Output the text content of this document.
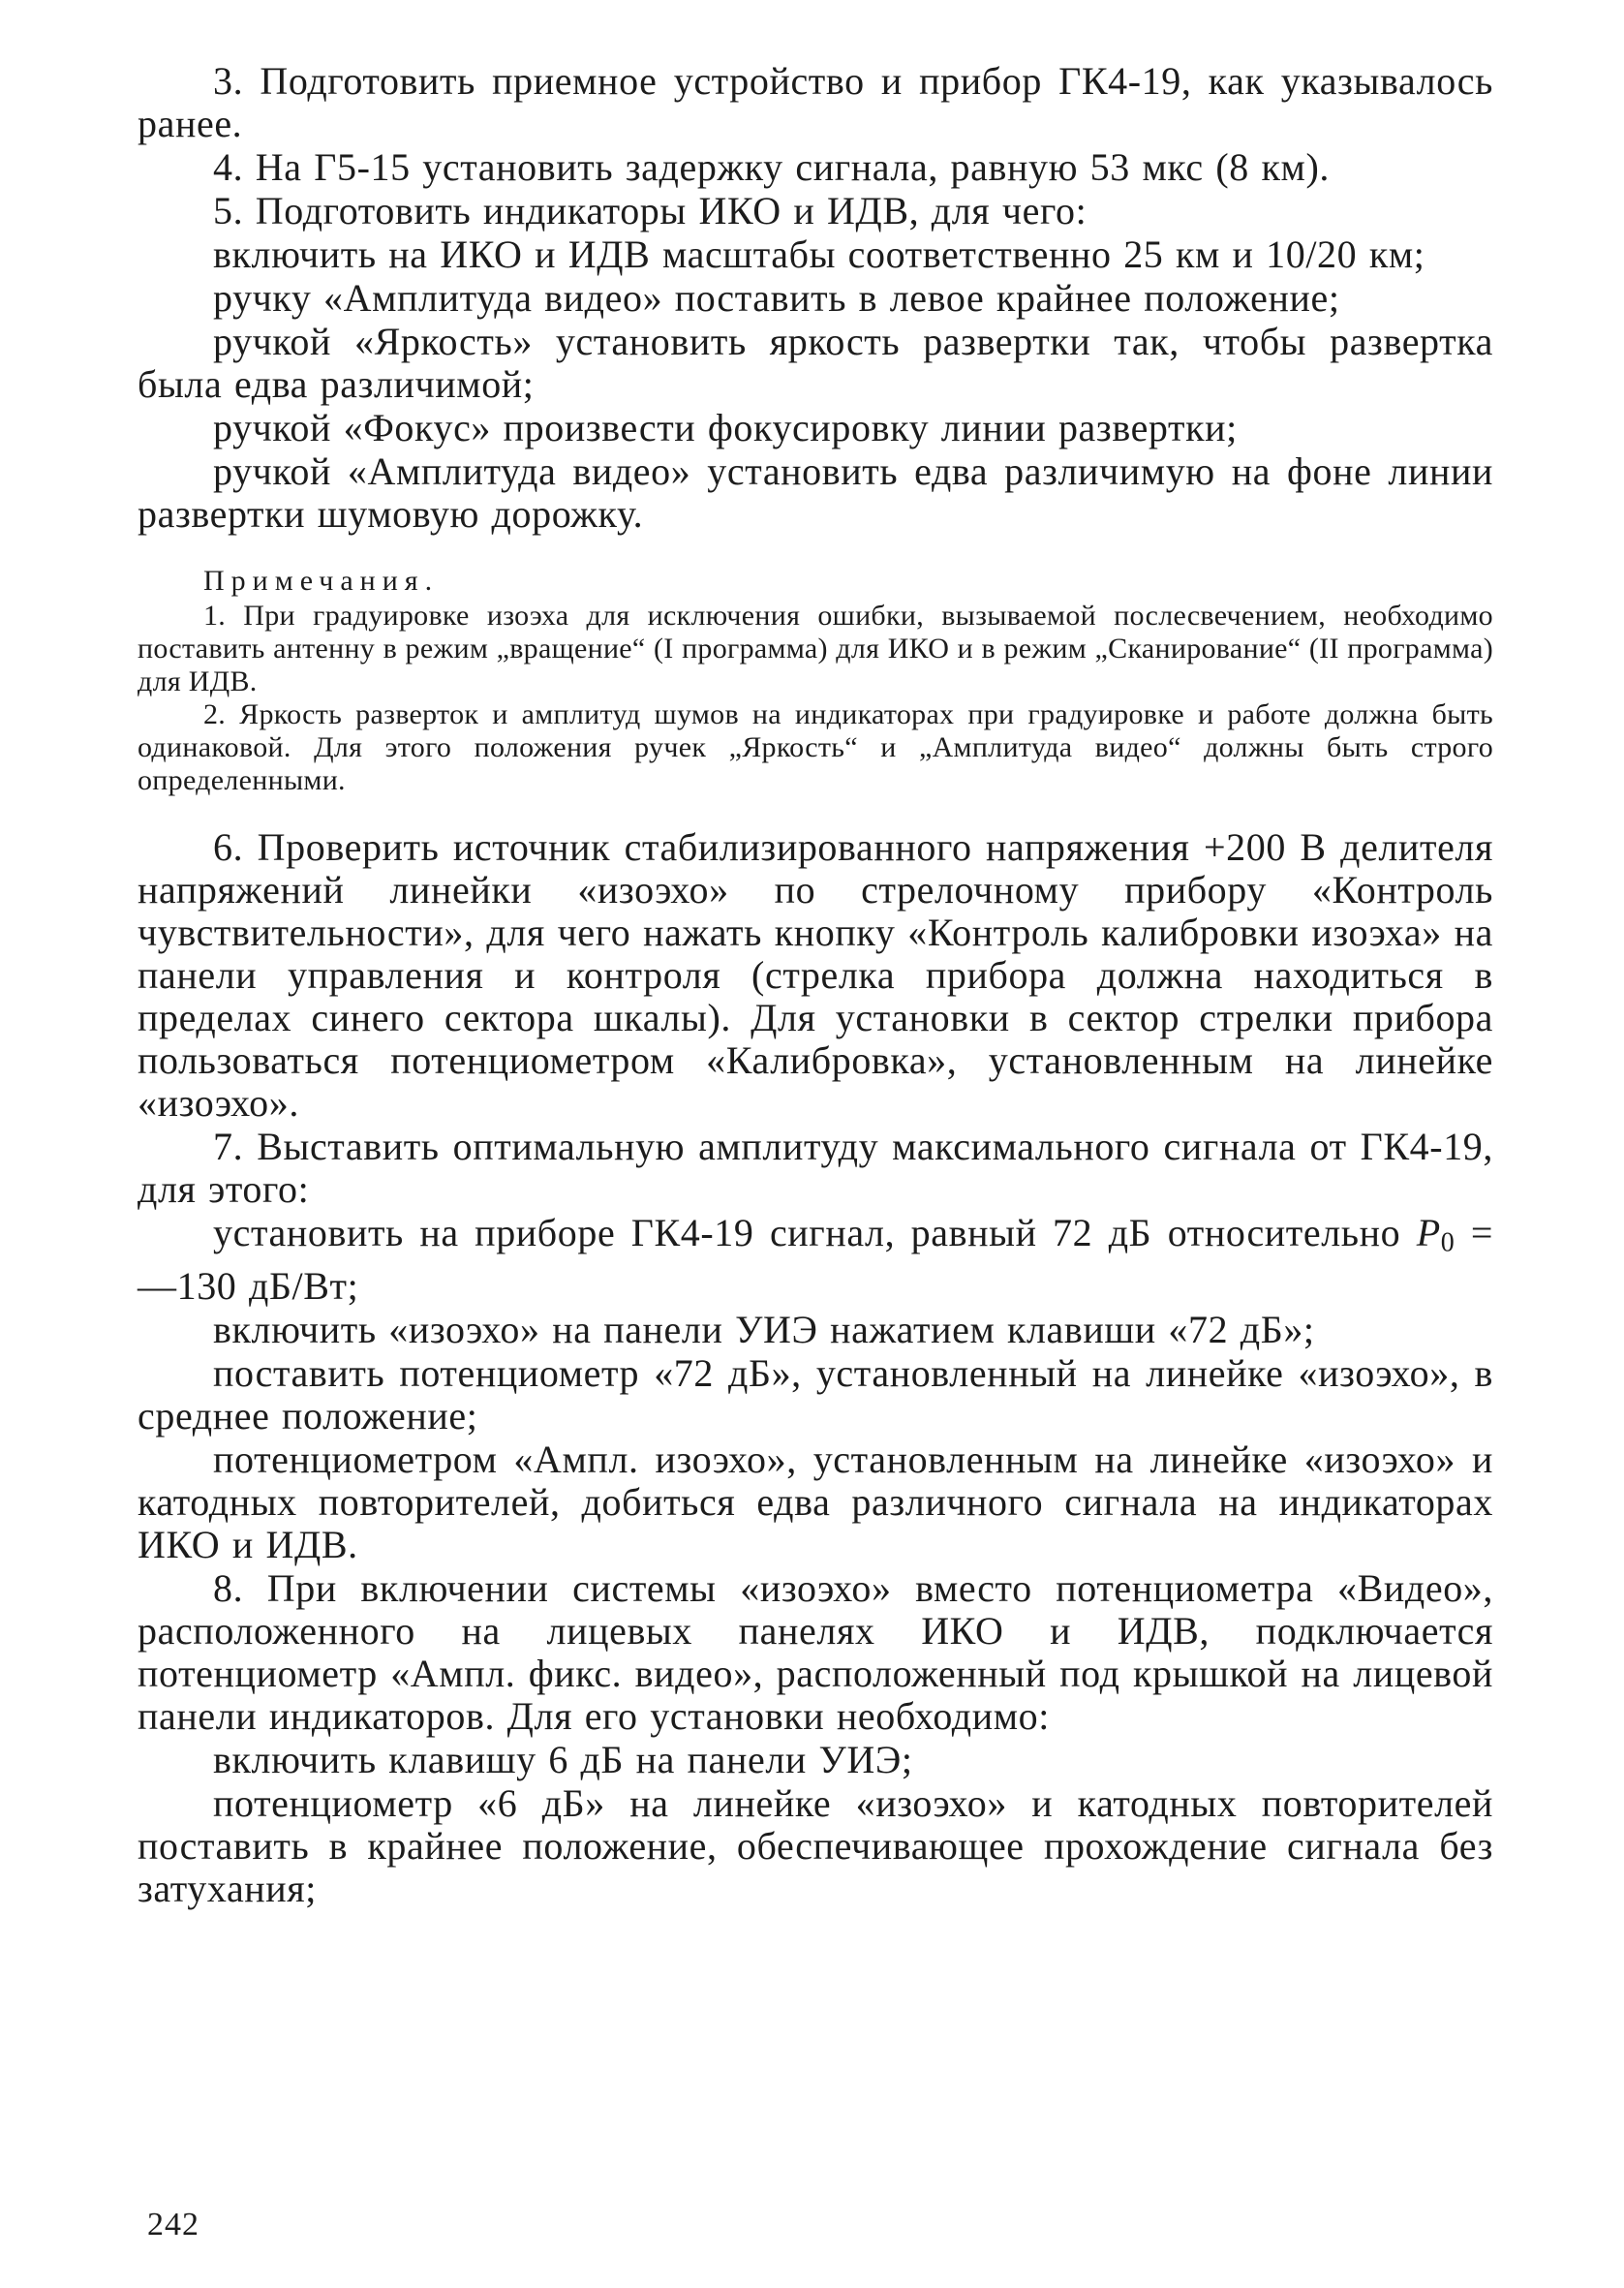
3. Подготовить приемное устройство и прибор ГК4-19, как указывалось ранее.

4. На Г5-15 установить задержку сигнала, равную 53 мкс (8 км).

5. Подготовить индикаторы ИКО и ИДВ, для чего:

включить на ИКО и ИДВ масштабы соответственно 25 км и 10/20 км;

ручку «Амплитуда видео» поставить в левое крайнее положение;

ручкой «Яркость» установить яркость развертки так, чтобы развертка была едва различимой;

ручкой «Фокус» произвести фокусировку линии развертки;

ручкой «Амплитуда видео» установить едва различимую на фоне линии развертки шумовую дорожку.

Примечания.

1. При градуировке изоэха для исключения ошибки, вызываемой послесвечением, необходимо поставить антенну в режим „вращение“ (I программа) для ИКО и в режим „Сканирование“ (II программа) для ИДВ.

2. Яркость разверток и амплитуд шумов на индикаторах при градуировке и работе должна быть одинаковой. Для этого положения ручек „Яркость“ и „Амплитуда видео“ должны быть строго определенными.

6. Проверить источник стабилизированного напряжения +200 В делителя напряжений линейки «изоэхо» по стрелочному прибору «Контроль чувствительности», для чего нажать кнопку «Контроль калибровки изоэха» на панели управления и контроля (стрелка прибора должна находиться в пределах синего сектора шкалы). Для установки в сектор стрелки прибора пользоваться потенциометром «Калибровка», установленным на линейке «изоэхо».

7. Выставить оптимальную амплитуду максимального сигнала от ГК4-19, для этого:

установить на приборе ГК4-19 сигнал, равный 72 дБ относительно P0 = —130 дБ/Вт;

включить «изоэхо» на панели УИЭ нажатием клавиши «72 дБ»;

поставить потенциометр «72 дБ», установленный на линейке «изоэхо», в среднее положение;

потенциометром «Ампл. изоэхо», установленным на линейке «изоэхо» и катодных повторителей, добиться едва различного сигнала на индикаторах ИКО и ИДВ.

8. При включении системы «изоэхо» вместо потенциометра «Видео», расположенного на лицевых панелях ИКО и ИДВ, подключается потенциометр «Ампл. фикс. видео», расположенный под крышкой на лицевой панели индикаторов. Для его установки необходимо:

включить клавишу 6 дБ на панели УИЭ;

потенциометр «6 дБ» на линейке «изоэхо» и катодных повторителей поставить в крайнее положение, обеспечивающее прохождение сигнала без затухания;

242
